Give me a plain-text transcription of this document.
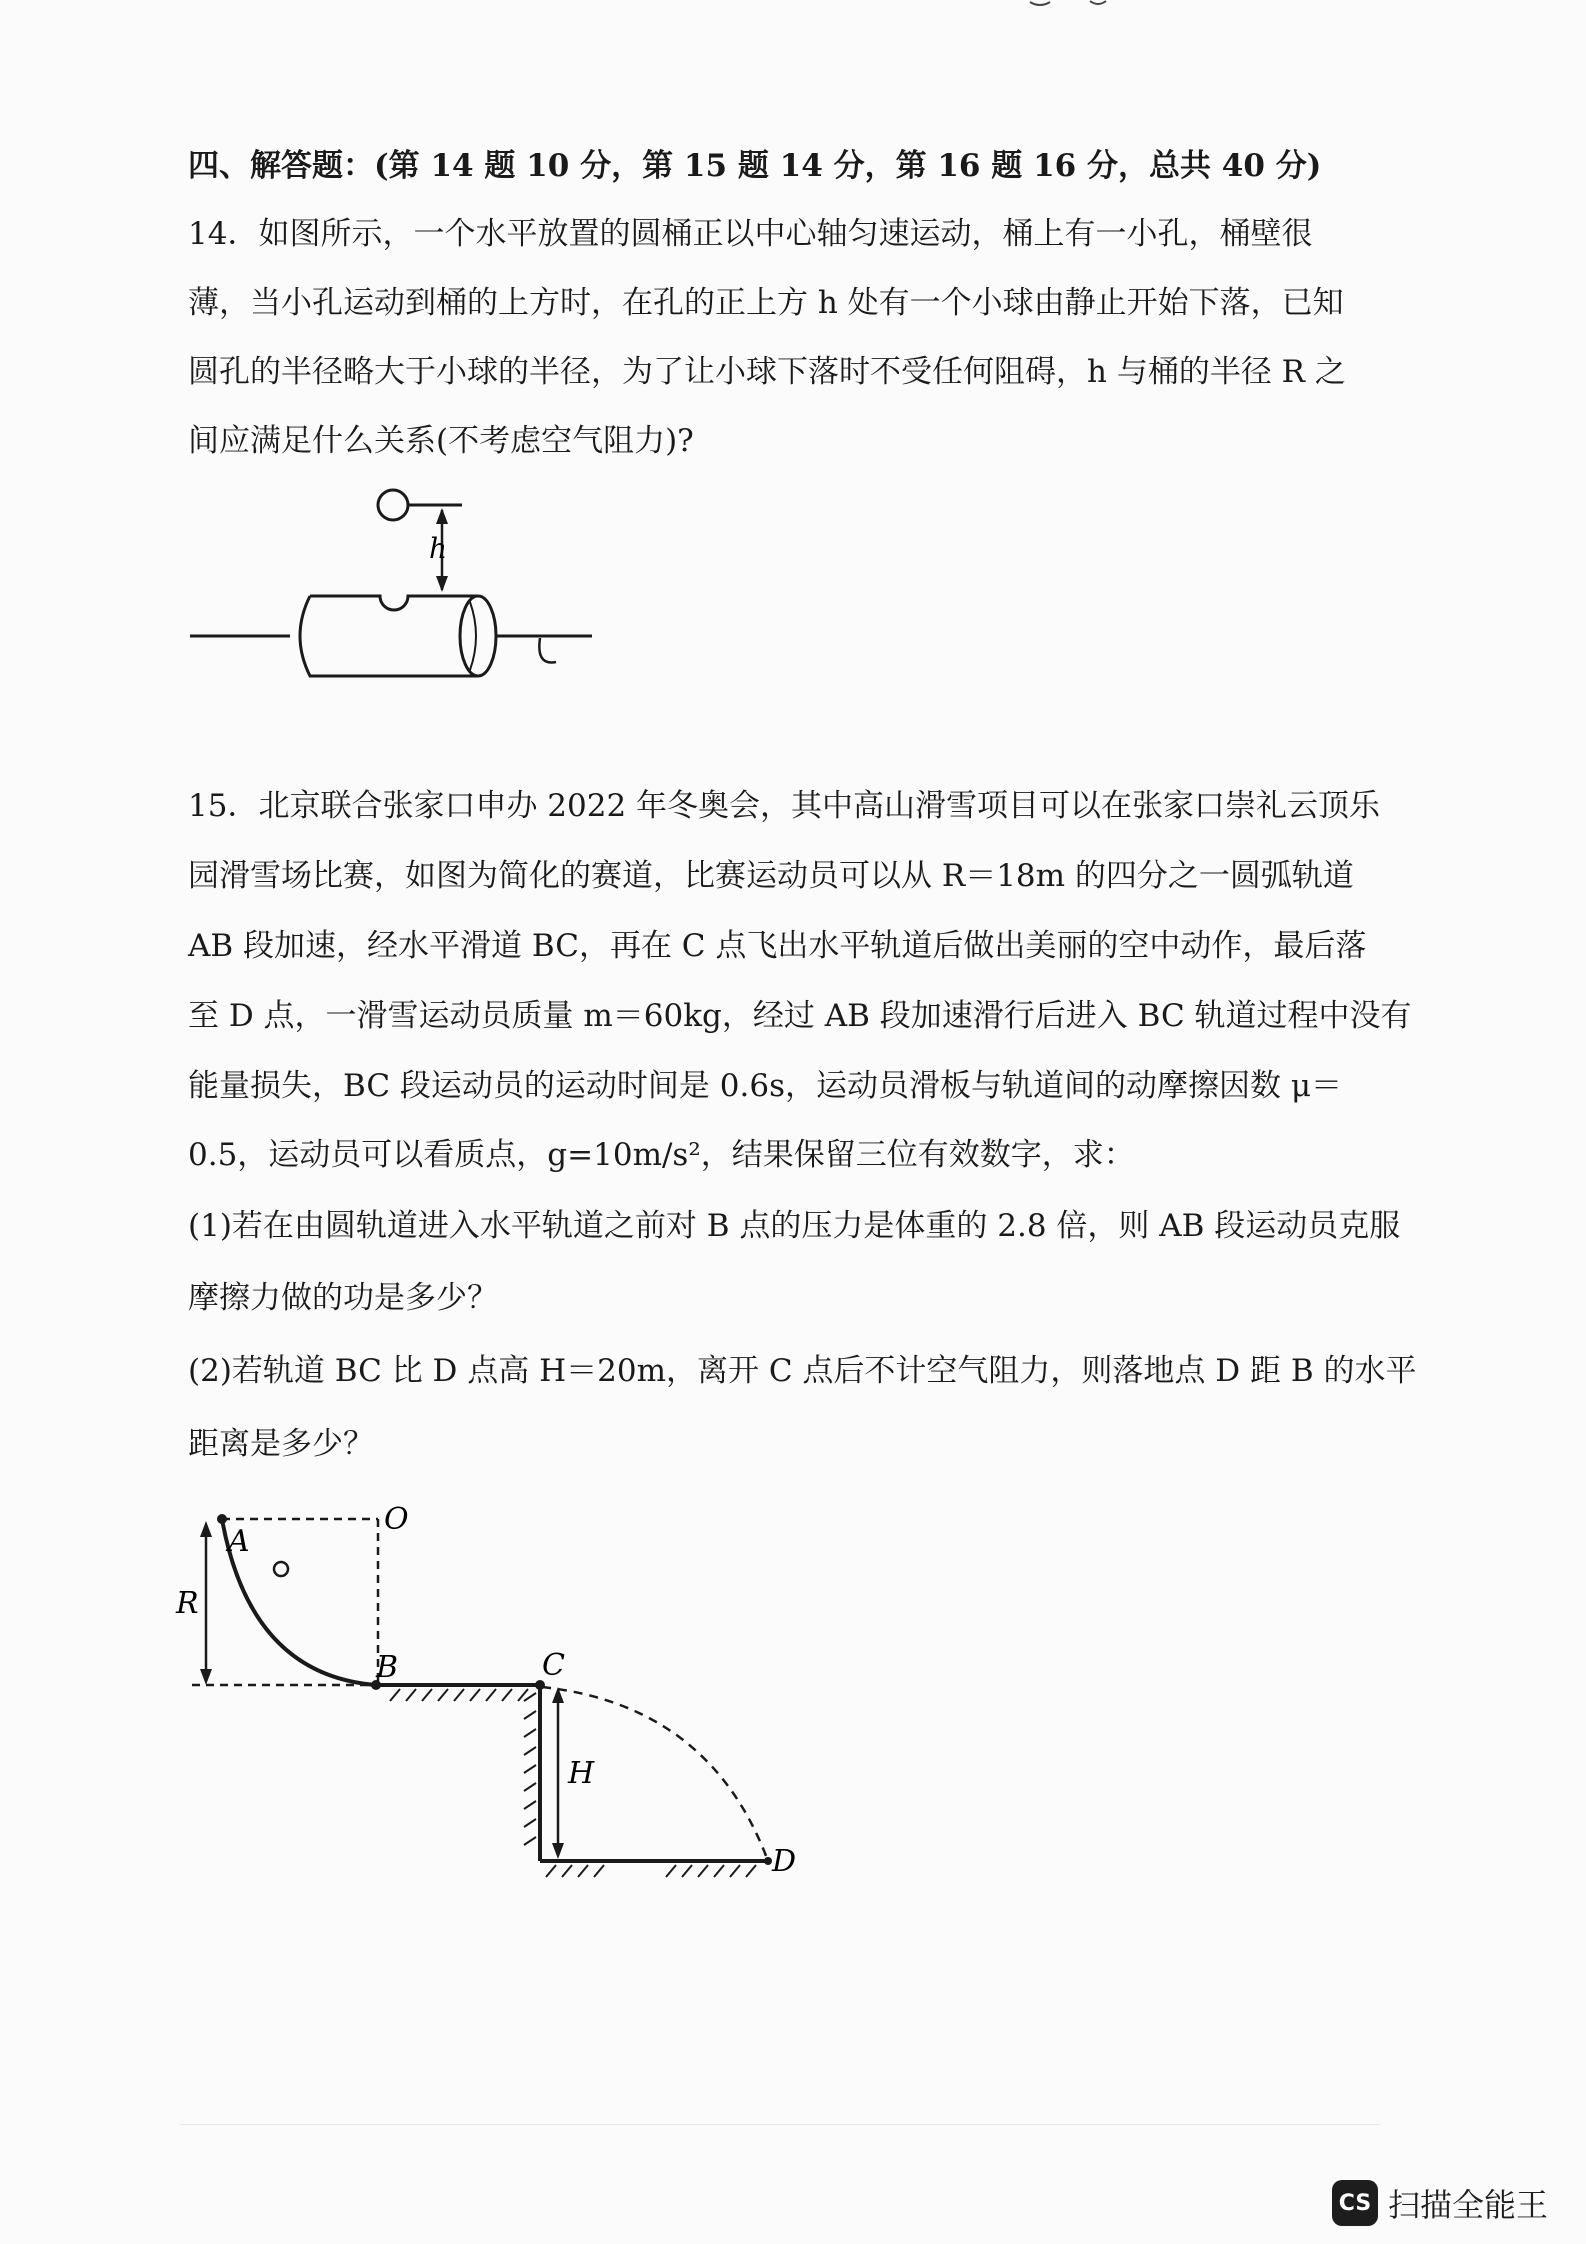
四、解答题：(第 14 题 10 分，第 15 题 14 分，第 16 题 16 分，总共 40 分)
14．如图所示，一个水平放置的圆桶正以中心轴匀速运动，桶上有一小孔，桶壁很
薄，当小孔运动到桶的上方时，在孔的正上方 h 处有一个小球由静止开始下落，已知
圆孔的半径略大于小球的半径，为了让小球下落时不受任何阻碍，h 与桶的半径 R 之
间应满足什么关系(不考虑空气阻力)?
h
15．北京联合张家口申办 2022 年冬奥会，其中高山滑雪项目可以在张家口崇礼云顶乐
园滑雪场比赛，如图为简化的赛道，比赛运动员可以从 R＝18m 的四分之一圆弧轨道
AB 段加速，经水平滑道 BC，再在 C 点飞出水平轨道后做出美丽的空中动作，最后落
至 D 点，一滑雪运动员质量 m＝60kg，经过 AB 段加速滑行后进入 BC 轨道过程中没有
能量损失，BC 段运动员的运动时间是 0.6s，运动员滑板与轨道间的动摩擦因数 μ＝
0.5，运动员可以看质点，g=10m/s²，结果保留三位有效数字，求：
(1)若在由圆轨道进入水平轨道之前对 B 点的压力是体重的 2.8 倍，则 AB 段运动员克服
摩擦力做的功是多少？
(2)若轨道 BC 比 D 点高 H＝20m，离开 C 点后不计空气阻力，则落地点 D 距 B 的水平
距离是多少？
R
A
O
B	C
H
D
CS 扫描全能王
